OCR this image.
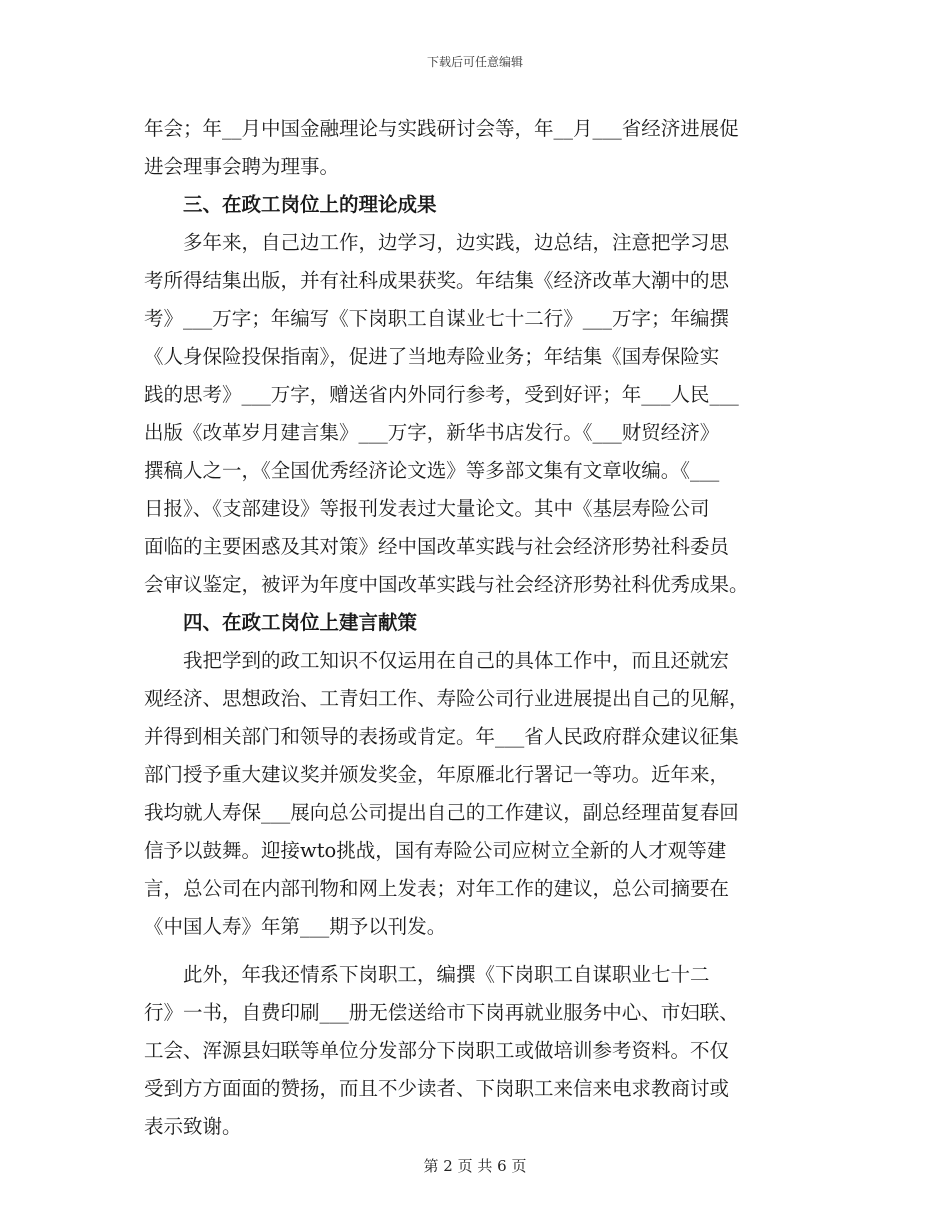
下载后可任意编辑
年会；年__月中国金融理论与实践研讨会等，年__月___省经济进展促
进会理事会聘为理事。
三、在政工岗位上的理论成果
多年来，自己边工作，边学习，边实践，边总结，注意把学习思
考所得结集出版，并有社科成果获奖。年结集《经济改革大潮中的思
考》___万字；年编写《下岗职工自谋业七十二行》___万字；年编撰
《人身保险投保指南》，促进了当地寿险业务；年结集《国寿保险实
践的思考》___万字，赠送省内外同行参考，受到好评；年___人民___
出版《改革岁月建言集》___万字，新华书店发行。《___财贸经济》
撰稿人之一，《全国优秀经济论文选》等多部文集有文章收编。《___
日报》、《支部建设》等报刊发表过大量论文。其中《基层寿险公司
面临的主要困惑及其对策》经中国改革实践与社会经济形势社科委员
会审议鉴定，被评为年度中国改革实践与社会经济形势社科优秀成果。
四、在政工岗位上建言献策
我把学到的政工知识不仅运用在自己的具体工作中，而且还就宏
观经济、思想政治、工青妇工作、寿险公司行业进展提出自己的见解，
并得到相关部门和领导的表扬或肯定。年___省人民政府群众建议征集
部门授予重大建议奖并颁发奖金，年原雁北行署记一等功。近年来，
我均就人寿保___展向总公司提出自己的工作建议，副总经理苗复春回
信予以鼓舞。迎接wto挑战，国有寿险公司应树立全新的人才观等建
言，总公司在内部刊物和网上发表；对年工作的建议，总公司摘要在
《中国人寿》年第___期予以刊发。
此外，年我还情系下岗职工，编撰《下岗职工自谋职业七十二
行》一书，自费印刷___册无偿送给市下岗再就业服务中心、市妇联、
工会、浑源县妇联等单位分发部分下岗职工或做培训参考资料。不仅
受到方方面面的赞扬，而且不少读者、下岗职工来信来电求教商讨或
表示致谢。
第 2 页 共 6 页
